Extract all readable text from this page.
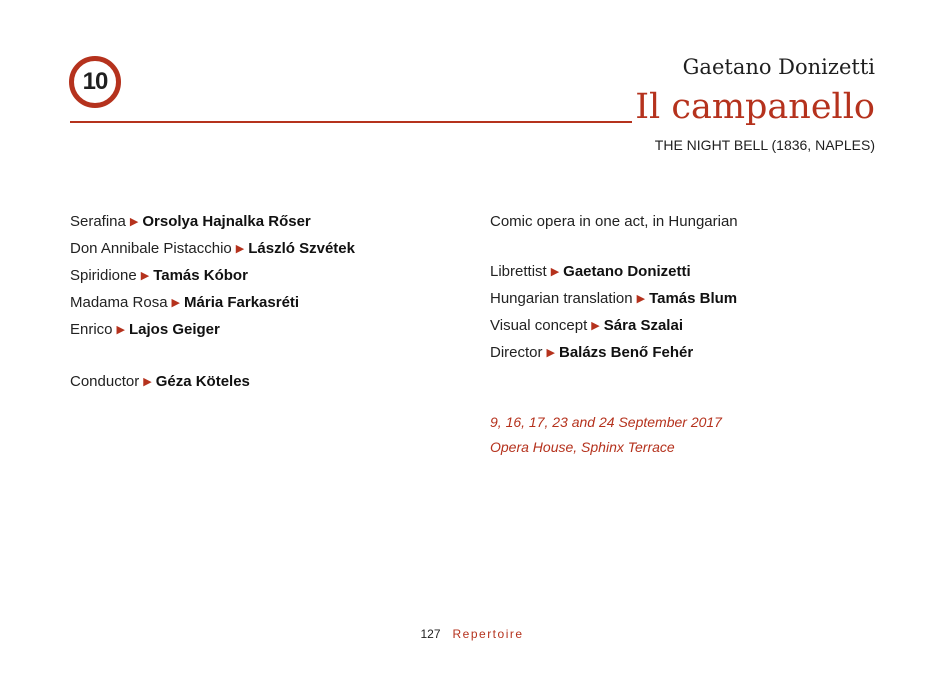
10
Gaetano Donizetti
Il campanello
THE NIGHT BELL (1836, NAPLES)
Serafina ▶ Orsolya Hajnalka Rőser
Don Annibale Pistacchio ▶ László Szvétek
Spiridione ▶ Tamás Kóbor
Madama Rosa ▶ Mária Farkasréti
Enrico ▶ Lajos Geiger
Conductor ▶ Géza Köteles
Comic opera in one act, in Hungarian
Librettist ▶ Gaetano Donizetti
Hungarian translation ▶ Tamás Blum
Visual concept ▶ Sára Szalai
Director ▶ Balázs Benő Fehér
9, 16, 17, 23 and 24 September 2017
Opera House, Sphinx Terrace
127 Repertoire
